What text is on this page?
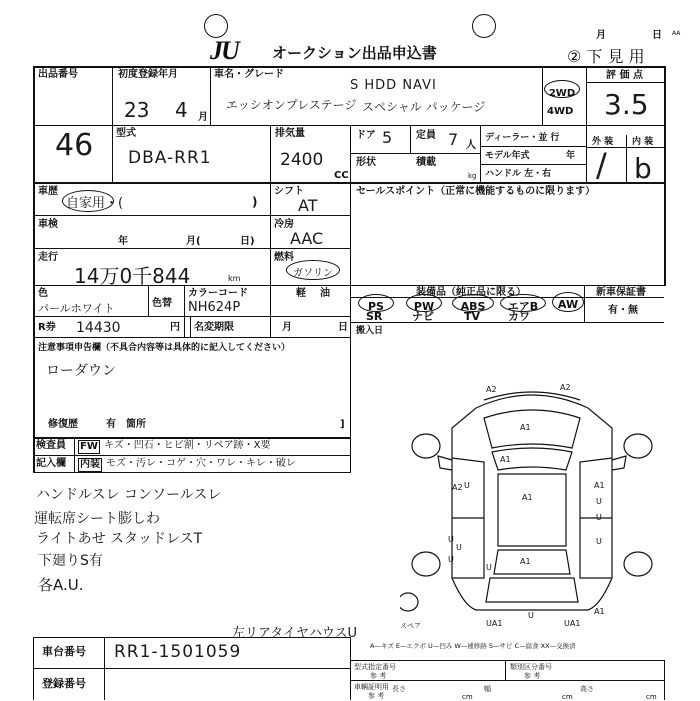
JU	オークション出品申込書
月	日 AA
② 下 見 用
出品番号
46
初度登録年月
23 4 月
車名・グレード
S HDD NAVI
エッシオンプレステージ スペシャル パッケージ
2WD
4WD
評 価 点
3.5
型式
DBA-RR1
排気量
2400
CC
ドア 5 定員 7 人
形状	積載
kg
ディーラー・並 行
モデル年式	年
ハンドル 左・右
外 装 内 装
/ b
車歴
自家用・(	)
シフト
AT
セールスポイント（正常に機能するものに限ります）
車検
年	月(	日)
冷房
AAC
走行
14万0千844	km
燃料
ガソリン
軽 油
色
パールホワイト	色替
カラーコード
NH624P
R券 14430	円 名変期限	月	日
装備品（純正品に限る）	新車保証書
有・無
PS	PW	ABS	エアB	AW
SR	ナビ	TV	カワ
搬入日
注意事項申告欄（不具合内容等は具体的に記入してください）
ローダウン
修復歴	有 箇所	]
検査員
記入欄
FW キズ・凹石・ヒビ割・リペア跡・X要
内装 モズ・汚レ・コゲ・穴・ワレ・キレ・破レ
ハンドルスレ コンソールスレ
運転席シート膨しわ
ライトあせ スタッドレスT
下廻りS有
各A.U.
左リアタイヤハウスU
A2	A2
A1
A1
A1
A2 U	A1
U
U
U
U
U
U
A1
U
UA1
U
UA1
A1
スペア
車台番号 RR1-1501059
登録番号
A—キズ E—エクボ U—凹み W—補修跡 S—サビ C—腐食 XX—交換済
型式指定番号
参 考
類別区分番号
参 考
車輌証明用
参 考
長さ
cm
幅
cm
高さ
cm
